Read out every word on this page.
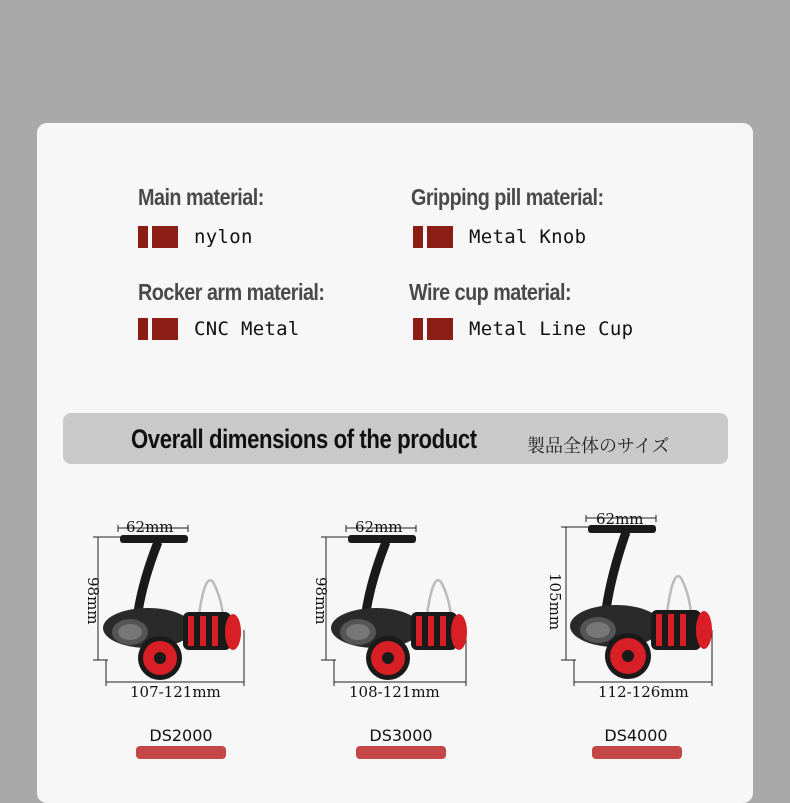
Main material:
nylon
Gripping pill material:
Metal Knob
Rocker arm material:
CNC Metal
Wire cup material:
Metal Line Cup
Overall dimensions of the product	製品全体のサイズ
62mm
98mm
107-121mm
DS2000
62mm
98mm
108-121mm
DS3000
62mm
105mm
112-126mm
DS4000
